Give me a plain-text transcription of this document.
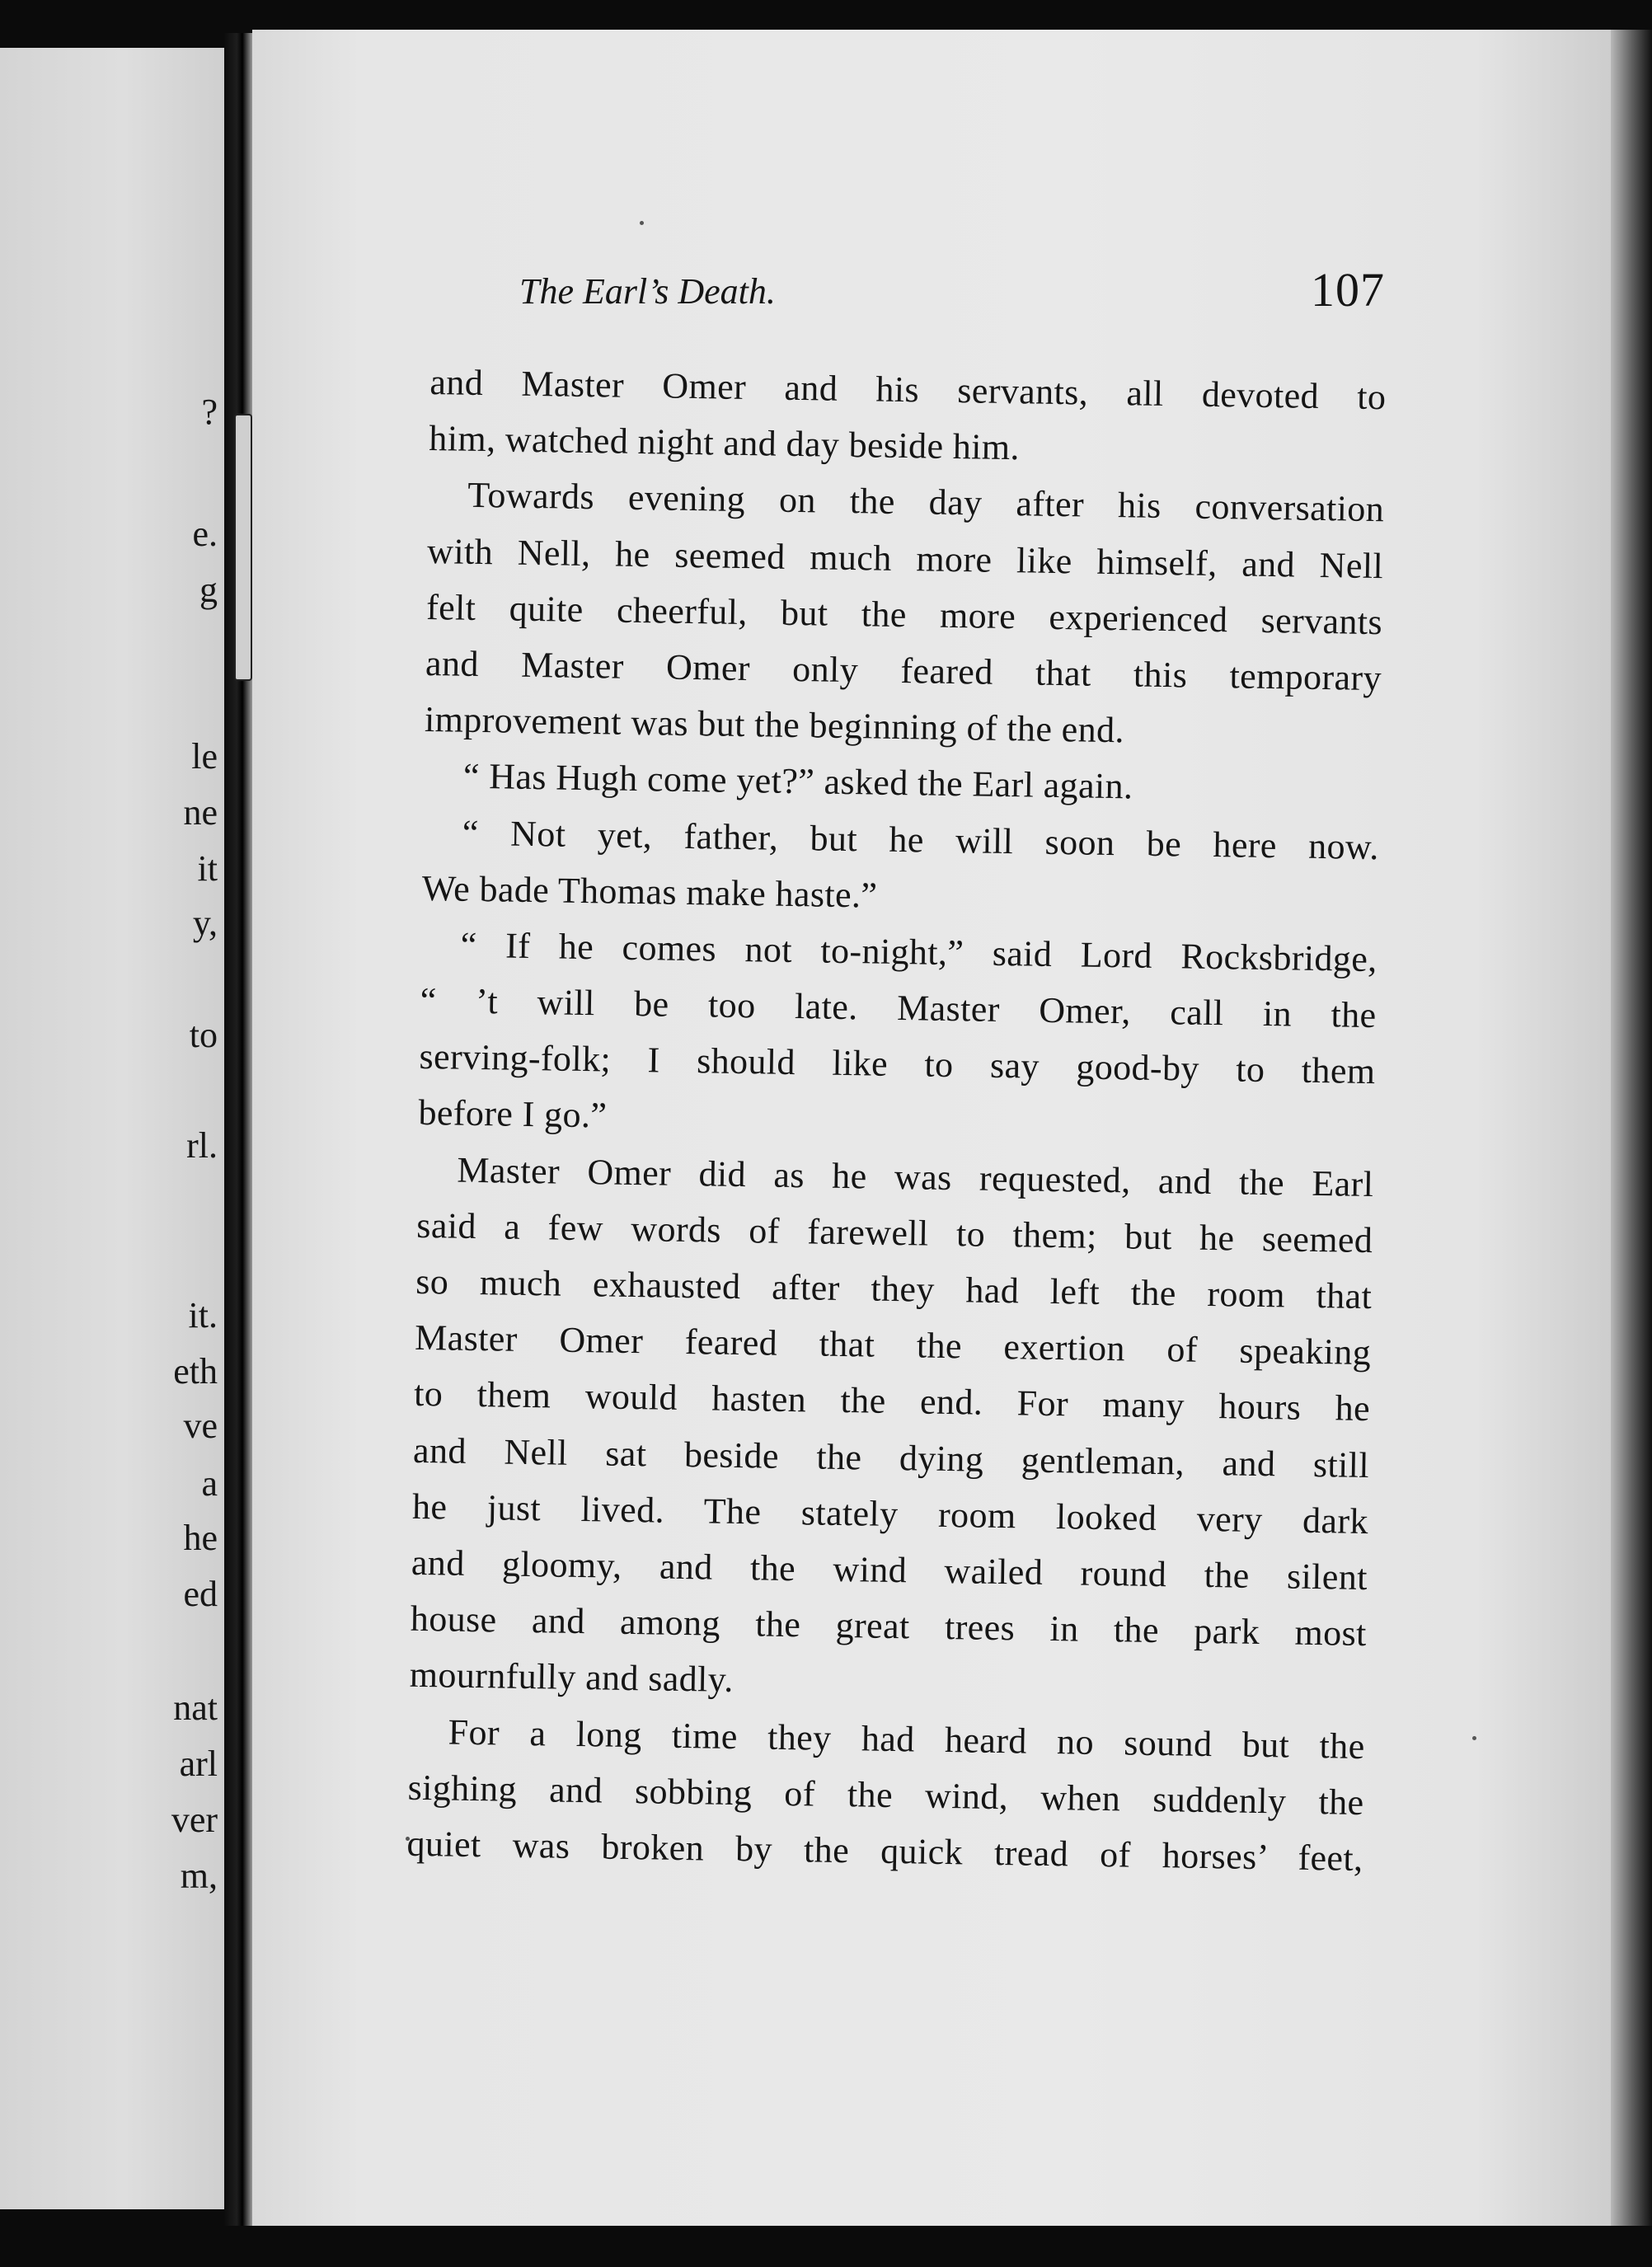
?
e.
g
le
ne
it
y,
to
rl.
it.
eth
ve
a
he
ed
nat
arl
ver
m,
The Earl’s Death.	107
and Master Omer and his servants, all devoted to
him, watched night and day beside him.
Towards evening on the day after his conversation
with Nell, he seemed much more like himself, and Nell
felt quite cheerful, but the more experienced servants
and Master Omer only feared that this temporary
improvement was but the beginning of the end.
“ Has Hugh come yet?” asked the Earl again.
“ Not yet, father, but he will soon be here now.
We bade Thomas make haste.”
“ If he comes not to-night,” said Lord Rocksbridge,
“ ’t will be too late. Master Omer, call in the
serving-folk; I should like to say good-by to them
before I go.”
Master Omer did as he was requested, and the Earl
said a few words of farewell to them; but he seemed
so much exhausted after they had left the room that
Master Omer feared that the exertion of speaking
to them would hasten the end. For many hours he
and Nell sat beside the dying gentleman, and still
he just lived. The stately room looked very dark
and gloomy, and the wind wailed round the silent
house and among the great trees in the park most
mournfully and sadly.
For a long time they had heard no sound but the
sighing and sobbing of the wind, when suddenly the
quiet was broken by the quick tread of horses’ feet,
